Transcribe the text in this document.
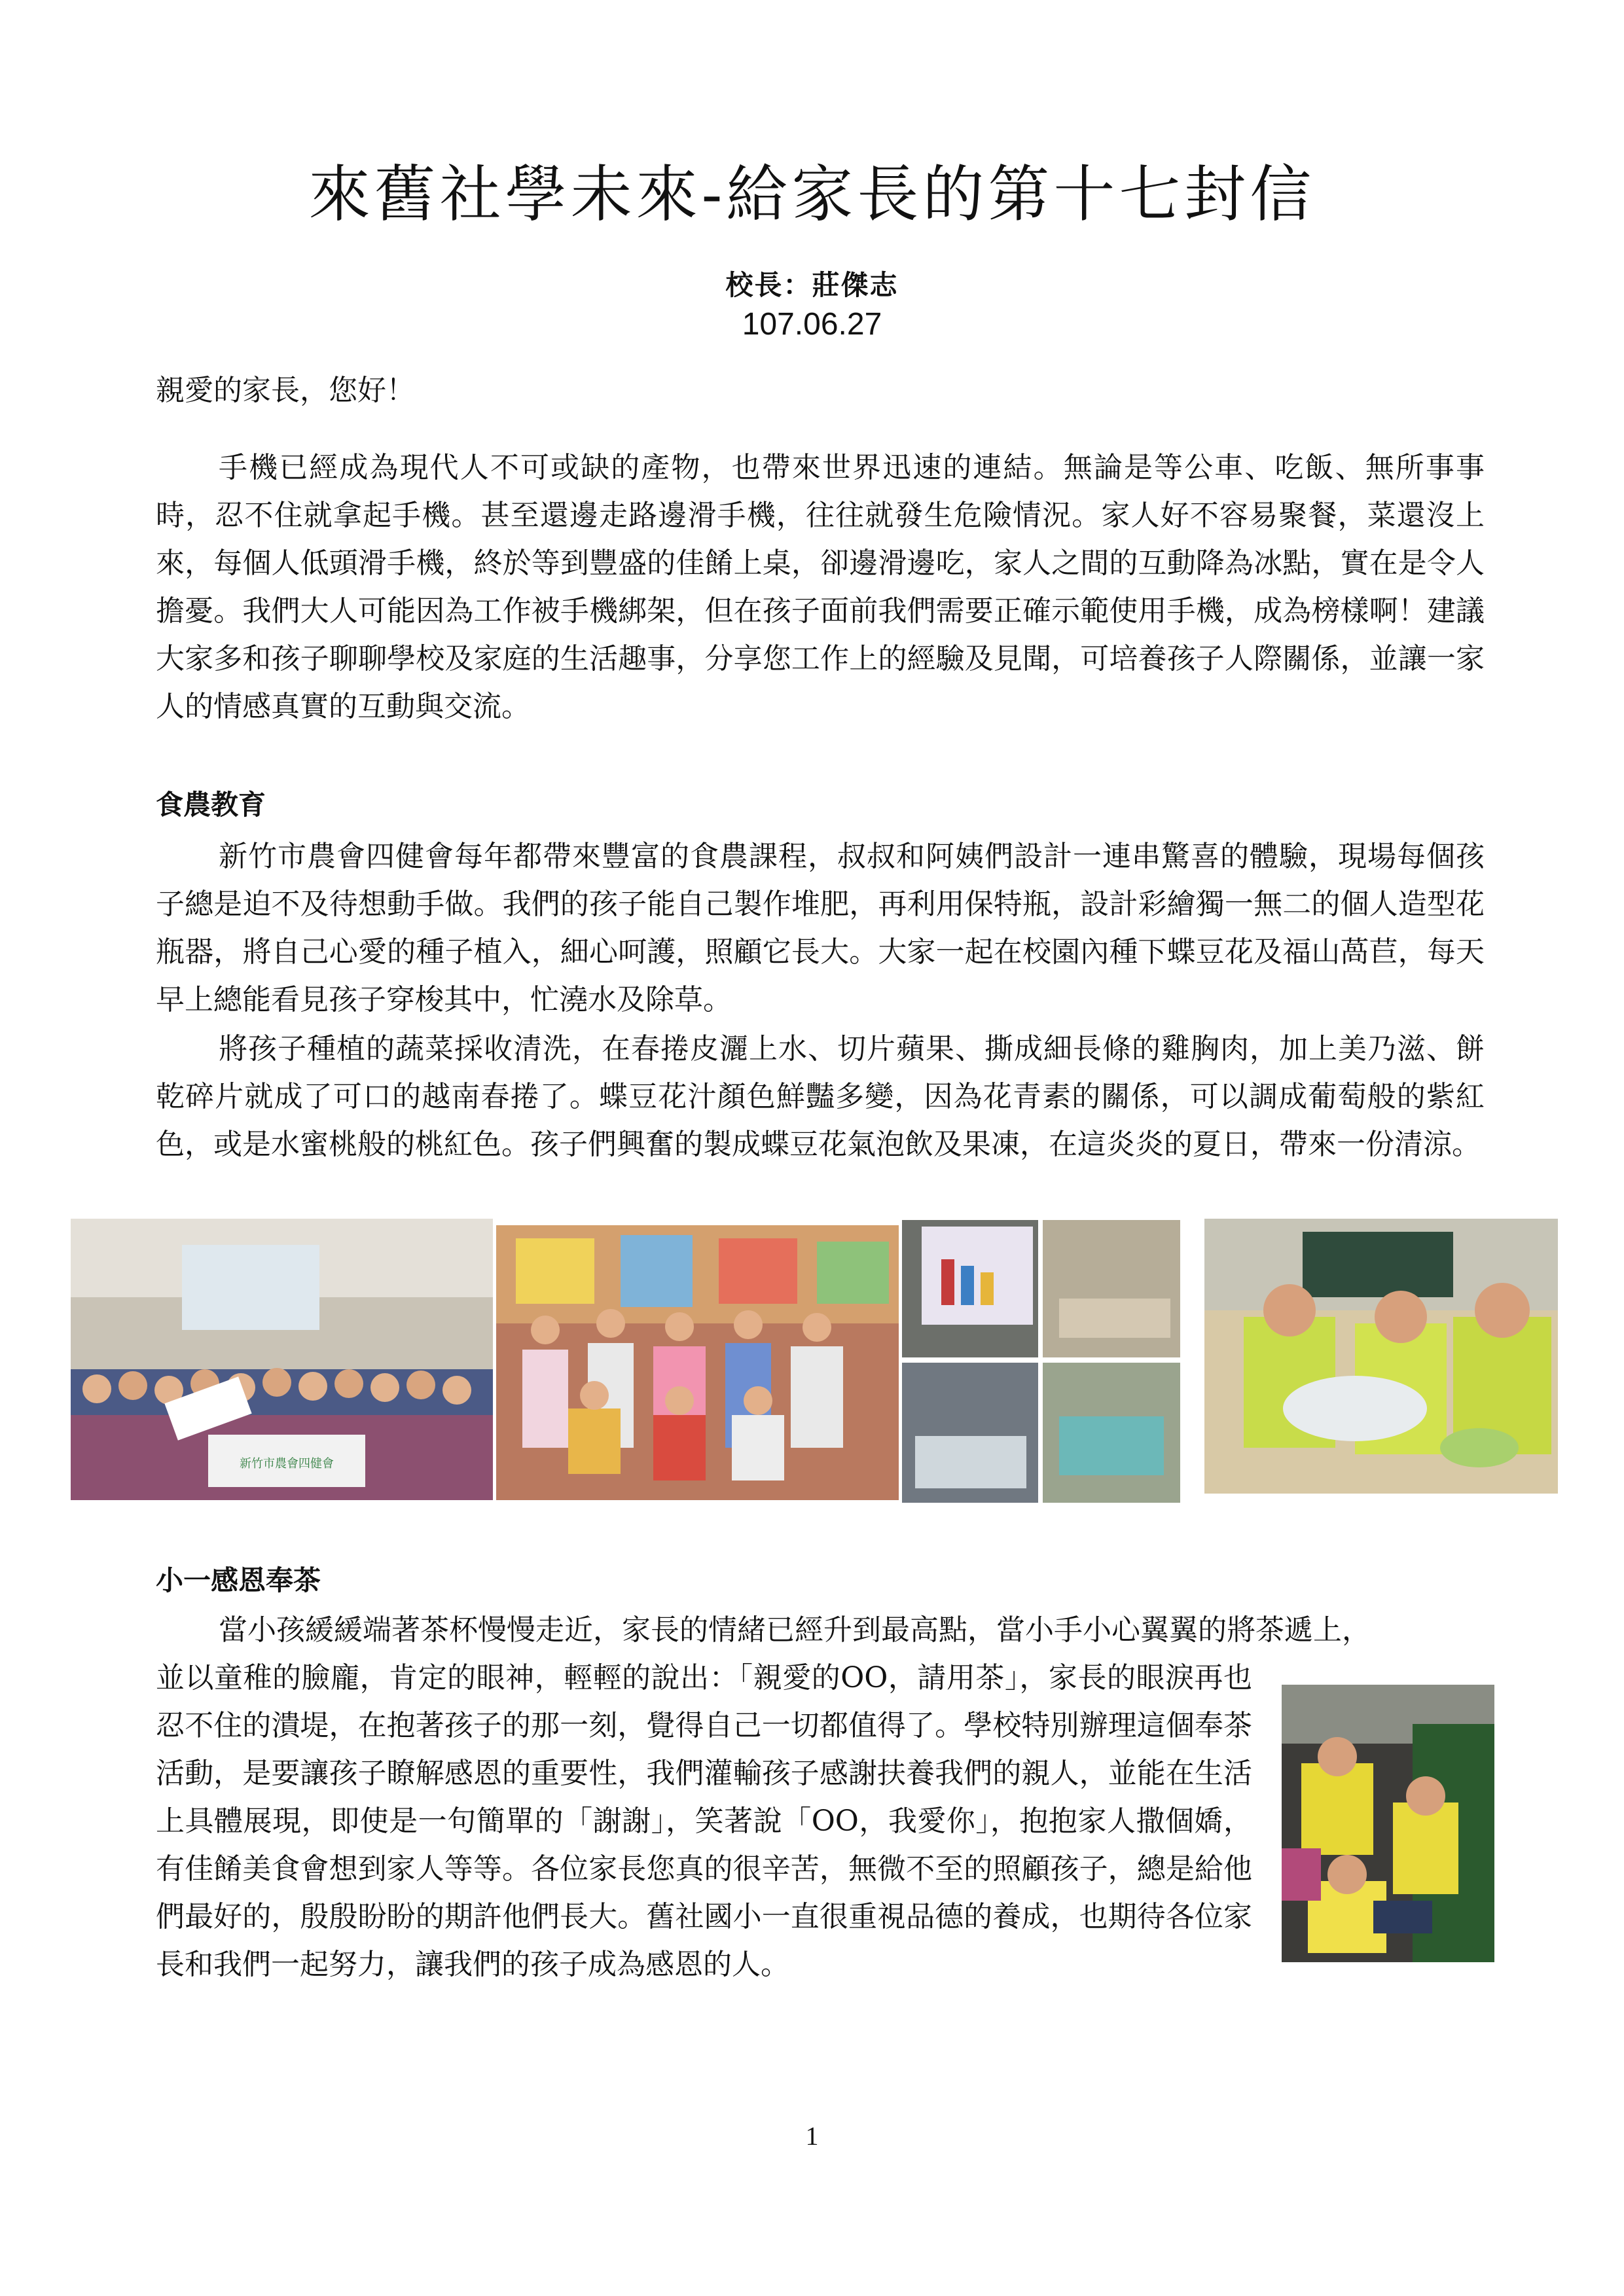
來舊社學未來-給家長的第十七封信
校長：莊傑志
107.06.27

親愛的家長，您好！

手機已經成為現代人不可或缺的產物，也帶來世界迅速的連結。無論是等公車、吃飯、無所事事時，忍不住就拿起手機。甚至還邊走路邊滑手機，往往就發生危險情況。家人好不容易聚餐，菜還沒上來，每個人低頭滑手機，終於等到豐盛的佳餚上桌，卻邊滑邊吃，家人之間的互動降為冰點，實在是令人擔憂。我們大人可能因為工作被手機綁架，但在孩子面前我們需要正確示範使用手機，成為榜樣啊！建議大家多和孩子聊聊學校及家庭的生活趣事，分享您工作上的經驗及見聞，可培養孩子人際關係，並讓一家人的情感真實的互動與交流。

食農教育

新竹市農會四健會每年都帶來豐富的食農課程，叔叔和阿姨們設計一連串驚喜的體驗，現場每個孩子總是迫不及待想動手做。我們的孩子能自己製作堆肥，再利用保特瓶，設計彩繪獨一無二的個人造型花瓶器，將自己心愛的種子植入，細心呵護，照顧它長大。大家一起在校園內種下蝶豆花及福山萵苣，每天早上總能看見孩子穿梭其中，忙澆水及除草。

將孩子種植的蔬菜採收清洗，在春捲皮灑上水、切片蘋果、撕成細長條的雞胸肉，加上美乃滋、餅乾碎片就成了可口的越南春捲了。蝶豆花汁顏色鮮豔多變，因為花青素的關係，可以調成葡萄般的紫紅色，或是水蜜桃般的桃紅色。孩子們興奮的製成蝶豆花氣泡飲及果凍，在這炎炎的夏日，帶來一份清涼。

新竹市農會四健會

小一感恩奉茶

當小孩緩緩端著茶杯慢慢走近，家長的情緒已經升到最高點，當小手小心翼翼的將茶遞上，

並以童稚的臉龐，肯定的眼神，輕輕的說出：「親愛的OO，請用茶」，家長的眼淚再也忍不住的潰堤，在抱著孩子的那一刻，覺得自己一切都值得了。學校特別辦理這個奉茶活動，是要讓孩子瞭解感恩的重要性，我們灌輸孩子感謝扶養我們的親人，並能在生活上具體展現，即使是一句簡單的「謝謝」，笑著說「OO，我愛你」，抱抱家人撒個嬌，有佳餚美食會想到家人等等。各位家長您真的很辛苦，無微不至的照顧孩子，總是給他們最好的，殷殷盼盼的期許他們長大。舊社國小一直很重視品德的養成，也期待各位家長和我們一起努力，讓我們的孩子成為感恩的人。

1
